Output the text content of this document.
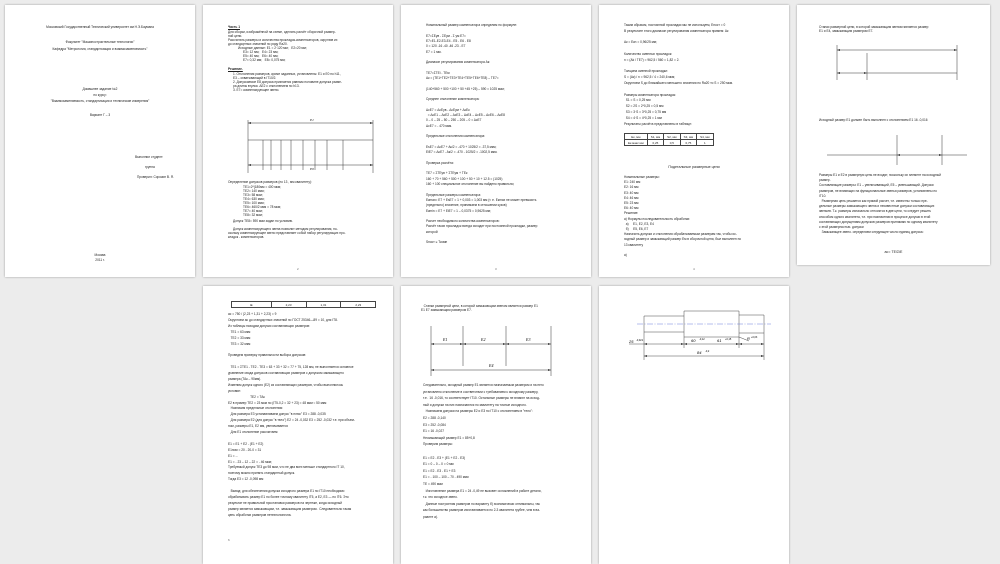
Московский Государственный Технический университет им Н.Э.Баумана
Факультет "Машиностроительные технологии"
Кафедра "Метрология, стандартизация и взаимозаменяемость"
Домашнее задание №2
по курсу:
"Взаимозаменяемость, стандартизация и технические измерения"
Вариант Г – 3
Выполнил студент:
группа
Проверил: Сорокин В. Я.
Москва
2011 г.
Часть 1
Для сборки, изображённой на схеме, сделать расчёт сборочной размер-
ной цепи.
Рассчитать размеры и количества прокладок-компенсаторов, округлив их
до стандартных значений по ряду Ra20.
Исходные данные: E1 = 2·120 мм;   E2=20 мм;
E3= 12 мм;   E4= 23 мм;
E5= 40 мм;   E6= 40 мм;
E7= 0,32 мм;   E8= 0,075 мм;
Решение.
1. Отклонения размеров, кроме заданных, установлены: E1 и E0 по h11,
E3 – охватывающий в IT10/2.
2. Допускаемое E8 допуска признается равным половине допуска разме-
ра длины втулки. ΔE2 с отклонением по h13.
3. E7= компенсирующее звено.
E1
E0
Определение допусков размеров (по 13 , мм квалитету):
TE1=2*(180мм = 400 мкм;
TE2= 140 мкм;
TE3= 58 мкм;
TE4= 630 мкм;
TE5= 100 мкм;
TE6= 460/2 мкм = 78 мкм;
TE7= 40 мкм;
TE8= 32 мкм;
Допуск TE8= 590 мкм задан по условию.
Допуск компенсирующего звена позволит методом регулирования, по-
скольку компенсирующее звено представляет собой набор регулирующих про-
кладок - компенсаторов.
2
Номинальный размер компенсатора определим по формуле:
E7=ΣEув - ΣEум - Σ ум E7=
E7=E1-E2-E3-E4 - E5 - E6 - E8
0 = 120 -16 -40 -46 -23 - E7
E7 = 1 мм.
Диапазон регулирования компенсатора Aк:
ТЕ7=ΣТЕi - ТЕм
Aк = (TE1+TE2+TE3+TE4+TE5+TE6+TE8) – TE7=
(140+560 + 500 +100 + 50 +45 +25) – 590 = 1025 мкм;
Среднее отклонение компенсатора:
ΔcE7 = ΔcEув - ΔcEум + ΔcEк
= ΔcE1 – ΔcE2 – ΔcE3 – ΔcE4 – ΔcE5 – ΔcE6 – ΔcE8
0 – 0 – 25 – 50 – 250 – 205 – 0 = ΔcE7
ΔcE7 = - 470 мкм.
Предельные отклонения компенсатора:
EsE7 = ΔcE7 + Aк/2 = -470 + 1025/2 = -37,5 мкм;
EiE7 = ΔcE7 - Aк/2 = -470 - 1025/2 = -1002,5 мкм.
Проверка расчёта:
TE7 = ΣТЕув + ΣТЕум + TEк
160 + 70 + 560 + 500 + 100 + 50 + 10 + 12.5 = (1025)
160 + 100 специальное отклонение вы найдено правильно;
Предельные размеры компенсатора:
Eкmax= E7 + EsE7 = 1 + 0,003 = 1,003 мм (т. е. Eкmax не может превысить
(предельно) значение, принимаем в отношении кузов)
Eкmin = E7 + EiE7 = 1 – 0,0375 = 0,9625 мм;
Расчет необходимого количества компенсаторов:
Расчёт таких прокладок всегда исходит при постоянной прокладки, размер
которой
Sпост ≤ Tкомп
3
Таким образом, постоянной прокладки мы не используем, Eпост = 0
В результате этого диапазон регулирования компенсатора примем: Aк
Aк = Eкn = 0,96/25 мм;
Количество сменных прокладок:
n = (Ak / TE7) = 962,5 / 560 = 1,82 = 2.
Толщина сменной прокладки:
S = (Aк) / n = 962,5 / 4 = 240,6 мкм;
Округляем S до ближайшего меньшего значения по Ra20 то S = 250 мкм.
Размеры компенсатора прокладок:
S1 = S = 0,25 мм
S2 = 2S = 2*0,25 = 0,5 мм
S3 = 3·S = 3*0,25 = 0,75 мм
S4 = 4·S = 4*0,25 = 1 мм
Результаты расчёта представлены в таблице:
Eк, мм	S1, мм	S2, мм	S3, мм	S4, мм
Eк.макс мм	0,25	0,5	0,75	1
Подетальные размерные цепи
Номинальные размеры:
E1: 240 мм
E2: 16 мм
E3: 40 мм
E4: 46 мм
E5: 23 мм
E6: 40 мм
Решение:
а) Формулы последовательность обработки:
а)     E1, E2, E3, E4
б)     E5, E6, E7
Назначить допуски и отклонения обрабатываемым размерам так, чтобы ис-
ходный размер и замыкающий размер Eм в сборочной цепи, был выполнен по
13 квалитету
а)
4
Станки размерной цепи, в которой замыкающим звеном является размер
E1 и E4, замыкающим размером E7.
Исходный размер E1 должен быть выполнен с отклонением E1 16 -0,016
Размеры E1 и E2 в размерную цепь не входят, поскольку их элемент на исходный
размер.
Составляющие размеры: E1 – увеличивающий, E5 – уменьшающий. Допуски
размеров, не влияющих на функциональные звенья размеров, установлены по
IT10.
Размерная цепь решается как прямой расчет, т.е. известны только пре-
дельные размеры замыкающего звена и неизвестные допуски составляющих
звеньев. Т.к. размеры изначально относятся в две цепи, то следует решить
способом одного квалитета, т.е. при назначении в процессе допуски в этой
составляющих допущениям допусков размеров принимаю по одному квалитету
с этой размерностью. допуски
Замыкающее звено. определяем следующее число единиц допуска:
aс= TE/ΣiE
iE	2,23	1,31	2,23
ac = 750 / (2,23 + 1,31 + 2,23) = 9
Округляем ac до стандартных значений по ГОСТ 25346—89 = 10, для IT8.
Из таблицы находим допуски составляющих размеров:
TE1 = 63 мкм
TE2 = 33 мкм
TE3 = 32 мкм
Проведем проверку правильности выбора допусков:
TE1 = ΣTE1 - TE2 - TE3 = 63 + 33 + 32 = 77 + 75, 128 мм, не выполняется основное
уравнение свода допусков составляющих размеров с допуском замыкающего
размера (TAк – 90мм).
Изменим допуск одного (E2) из составляющих размеров, чтобы выполнилось
условие:
TE2 = TAк
E2 в пример TE2 = 23 мкм по (IT5-0,2 = 32 + 23) = 48 мкм ≈ 50 мкм
Назначим предельные отклонения:
Для размера E3 устанавливаем допуск "в плюс" E3 = 288 -0,035
Для размера E2 (для допуск "в тело") E2 = 24 -0,032 E3 = 252 -0,032 т.е. при объем-
ном, размеры E1, E2 мм, увеличивается
Для E1 отклонение рассчитаем:
E1 = E1 + E2 - (E1 + E2)
E1ном = 20 - 20-0 = 31
E1 = ...
E1 = - 23 – 12 – 22 = - 46 мкм;
Требуемый допуск TE3 до 98 мкм, что не два всех меньше стандартного IT 10,
поэтому можно принять стандартный допуск.
Тогда E3 = 12 -0,098 мм
Вывод: для обеспечения допуска исходного размера E1 по IT10 необходимо
обрабатывать размер E1 по более точному квалитету IT5, а E2, E3 — по IT6. Это
результат не правильной простановки размеров на чертеже, когда исходный
размер является замыкающим, т.е. замыкающим размером.  Следовательно такая
цепь обработки размеров нетехнологична.
6
Станки размерной цепи, в которой замыкающим звеном является размер E1
E1 E7 замыкающим размером E7.
E1	E2	E3
E4
Следовательно, исходный размер E1 является назначаемым размером и на него
установлено отклонение в соответствии с требованием к исходному размеру,
т.е.  16 -0,016, то соответствует IT10. Остальные размеры не влияют на исход-
ный и допуски на них назначаются по квалитету на точные исходного.
Назначаем допуски на размеры E2 и E3 по IT10 с отклонением в "тело":
E2 = 288 -0,140
E3 = 252 -0,084
E1 = 16 -0,027
Несмыкающий размер E1 = 85+0,8
Проверим размеры:
E1 = E2 - E3 + (E1 + E2 - E3)
E1 = 0 – 0 – 0 = 0 мм
E1 = E2 - E3 - E1 + E3
E1 = - 100 – 100 – 70 - 490 мкм
TE = 490 мкм
Изготовление размера E1 = 24 -0,49 не вызовет осложнений в работе детали,
т.к. это исходное звено.
Данные построения размеров по варианту б) экономически оптимальны, так
как большинство размеров изготавливается по 2-3 квалитета грубее, чем в ва-
рианте а).
25	-0,021	60	-0,12	61 +0,15	R +0,03
84	-0,2
